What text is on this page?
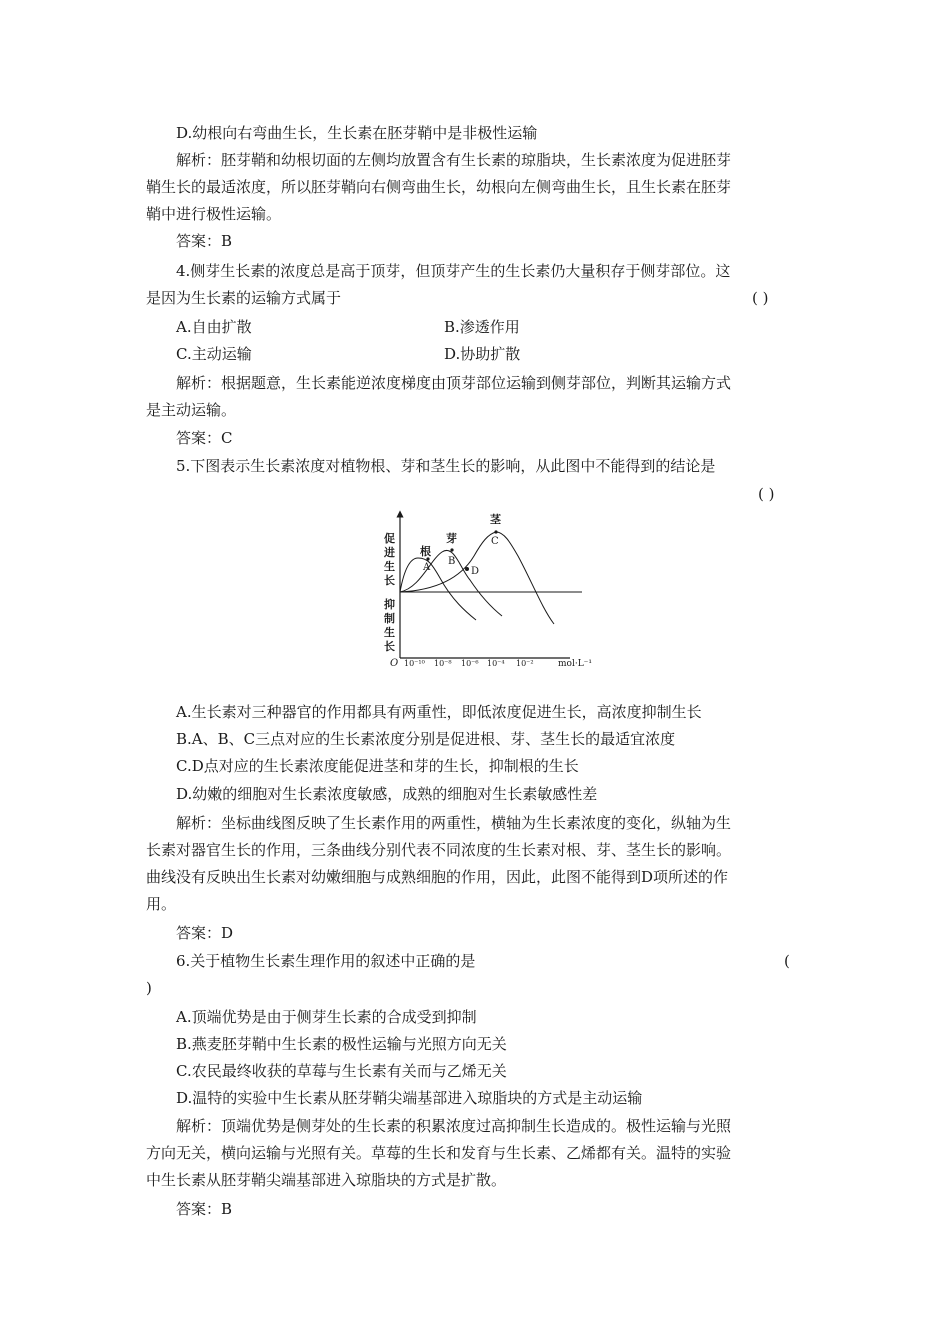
D.幼根向右弯曲生长，生长素在胚芽鞘中是非极性运输
解析：胚芽鞘和幼根切面的左侧均放置含有生长素的琼脂块，生长素浓度为促进胚芽
鞘生长的最适浓度，所以胚芽鞘向右侧弯曲生长，幼根向左侧弯曲生长，且生长素在胚芽
鞘中进行极性运输。
答案：B
4.侧芽生长素的浓度总是高于顶芽，但顶芽产生的生长素仍大量积存于侧芽部位。这
是因为生长素的运输方式属于	( )
A.自由扩散	B.渗透作用
C.主动运输	D.协助扩散
解析：根据题意，生长素能逆浓度梯度由顶芽部位运输到侧芽部位，判断其运输方式
是主动运输。
答案：C
5.下图表示生长素浓度对植物根、芽和茎生长的影响，从此图中不能得到的结论是
( )
促进生长
抑制生长
O 10⁻¹⁰ 10⁻⁸ 10⁻⁶ 10⁻⁴ 10⁻²	mol·L⁻¹
根
芽
茎
A
B
C
D
A.生长素对三种器官的作用都具有两重性，即低浓度促进生长，高浓度抑制生长
B.A、B、C三点对应的生长素浓度分别是促进根、芽、茎生长的最适宜浓度
C.D点对应的生长素浓度能促进茎和芽的生长，抑制根的生长
D.幼嫩的细胞对生长素浓度敏感，成熟的细胞对生长素敏感性差
解析：坐标曲线图反映了生长素作用的两重性，横轴为生长素浓度的变化，纵轴为生
长素对器官生长的作用，三条曲线分别代表不同浓度的生长素对根、芽、茎生长的影响。
曲线没有反映出生长素对幼嫩细胞与成熟细胞的作用，因此，此图不能得到D项所述的作
用。
答案：D
6.关于植物生长素生理作用的叙述中正确的是	(
)
A.顶端优势是由于侧芽生长素的合成受到抑制
B.燕麦胚芽鞘中生长素的极性运输与光照方向无关
C.农民最终收获的草莓与生长素有关而与乙烯无关
D.温特的实验中生长素从胚芽鞘尖端基部进入琼脂块的方式是主动运输
解析：顶端优势是侧芽处的生长素的积累浓度过高抑制生长造成的。极性运输与光照
方向无关，横向运输与光照有关。草莓的生长和发育与生长素、乙烯都有关。温特的实验
中生长素从胚芽鞘尖端基部进入琼脂块的方式是扩散。
答案：B
